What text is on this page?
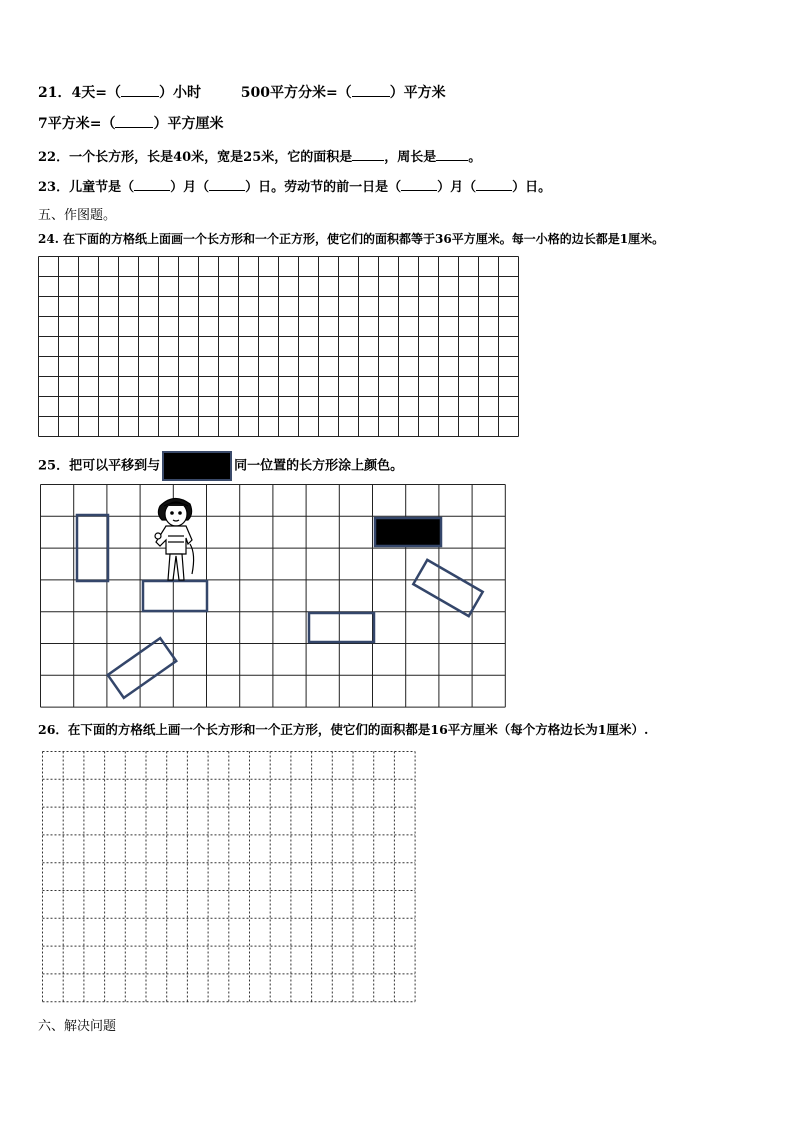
21．4天=（	）小时	500平方分米=（	）平方米
7平方米=（	）平方厘米
22．一个长方形，长是40米，宽是25米，它的面积是 ，周长是 。
23．儿童节是（	）月（	）日。劳动节的前一日是（	）月（	）日。
五、作图题。
24. 在下面的方格纸上面画一个长方形和一个正方形，使它们的面积都等于36平方厘米。每一小格的边长都是1厘米。
25．把可以平移到与	同一位置的长方形涂上颜色。
26．在下面的方格纸上画一个长方形和一个正方形，使它们的面积都是16平方厘米（每个方格边长为1厘米）.
六、解决问题
